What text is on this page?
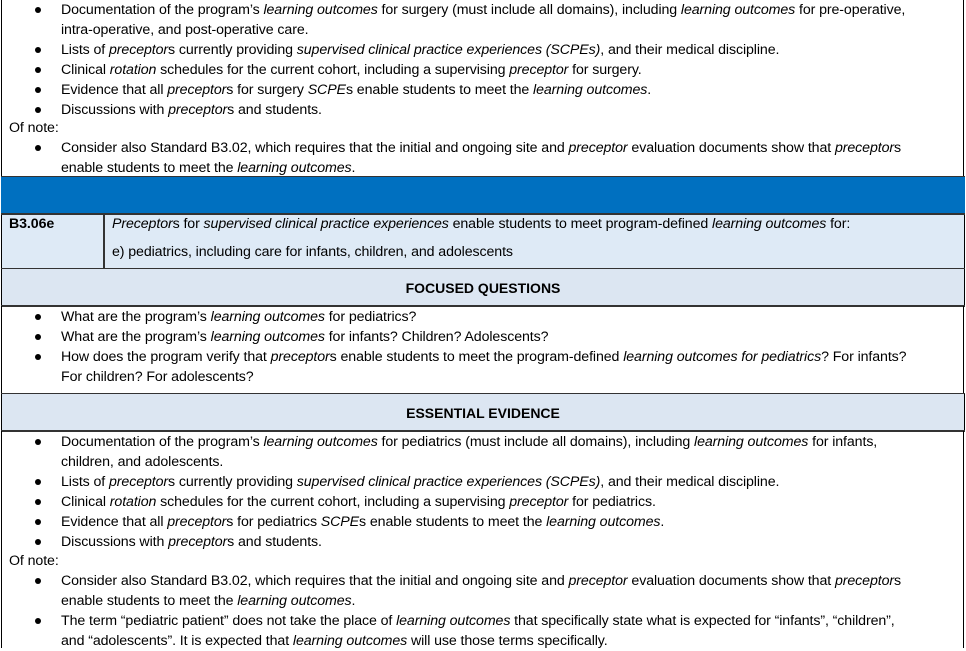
Documentation of the program’s learning outcomes for surgery (must include all domains), including learning outcomes for pre-operative,
intra-operative, and post-operative care.
Lists of preceptors currently providing supervised clinical practice experiences (SCPEs), and their medical discipline.
Clinical rotation schedules for the current cohort, including a supervising preceptor for surgery.
Evidence that all preceptors for surgery SCPEs enable students to meet the learning outcomes.
Discussions with preceptors and students.
Of note:
Consider also Standard B3.02, which requires that the initial and ongoing site and preceptor evaluation documents show that preceptors
enable students to meet the learning outcomes.
B3.06e	Preceptors for supervised clinical practice experiences enable students to meet program-defined learning outcomes for:
e) pediatrics, including care for infants, children, and adolescents
FOCUSED QUESTIONS
What are the program’s learning outcomes for pediatrics?
What are the program’s learning outcomes for infants? Children? Adolescents?
How does the program verify that preceptors enable students to meet the program-defined learning outcomes for pediatrics? For infants?
For children? For adolescents?
ESSENTIAL EVIDENCE
Documentation of the program’s learning outcomes for pediatrics (must include all domains), including learning outcomes for infants,
children, and adolescents.
Lists of preceptors currently providing supervised clinical practice experiences (SCPEs), and their medical discipline.
Clinical rotation schedules for the current cohort, including a supervising preceptor for pediatrics.
Evidence that all preceptors for pediatrics SCPEs enable students to meet the learning outcomes.
Discussions with preceptors and students.
Of note:
Consider also Standard B3.02, which requires that the initial and ongoing site and preceptor evaluation documents show that preceptors
enable students to meet the learning outcomes.
The term “pediatric patient” does not take the place of learning outcomes that specifically state what is expected for “infants”, “children”,
and “adolescents”. It is expected that learning outcomes will use those terms specifically.
